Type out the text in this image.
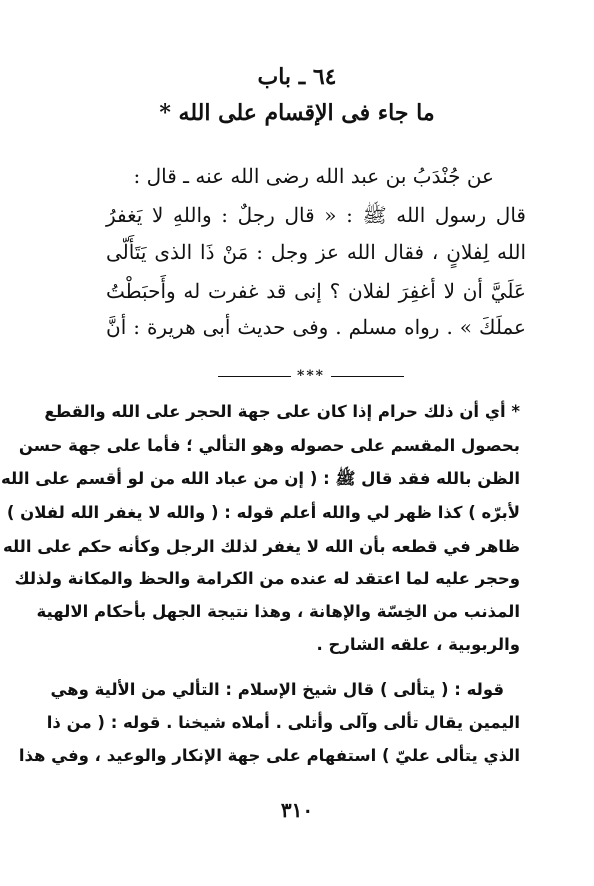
٦٤ ـ باب
ما جاء فى الإقسام على الله *
عن جُنْدَبُ بن عبد الله رضى الله عنه ـ قال :
قال رسول الله ﷺ : « قال رجلٌ : واللهِ لا يَغفرُ
الله لِفلانٍ ، فقال الله عز وجل : مَنْ ذَا الذى يَتَأَلّى
عَلَيَّ أن لا أغفِرَ لفلان ؟ إنى قد غفرت له وأَحبَطْتُ
عملَكَ » . رواه مسلم . وفى حديث أبى هريرة : أنَّ
***
* أي أن ذلك حرام إذا كان على جهة الحجر على الله والقطع
بحصول المقسم على حصوله وهو التألي ؛ فأما على جهة حسن
الظن بالله فقد قال ﷺ : ( إن من عباد الله من لو أقسم على الله
لأبرّه ) كذا ظهر لي والله أعلم قوله : ( والله لا يغفر الله لفلان )
ظاهر في قطعه بأن الله لا يغفر لذلك الرجل وكأنه حكم على الله
وحجر عليه لما اعتقد له عنده من الكرامة والحظ والمكانة ولذلك
المذنب من الخِسّة والإهانة ، وهذا نتيجة الجهل بأحكام الالهية
والربوبية ، علقه الشارح .
قوله : ( يتألى ) قال شيخ الإسلام : التألي من الألية وهي
اليمين يقال تألى وآلى وأتلى . أملاه شيخنا . قوله : ( من ذا
الذي يتألى عليّ ) استفهام على جهة الإنكار والوعيد ، وفي هذا
٣١٠
